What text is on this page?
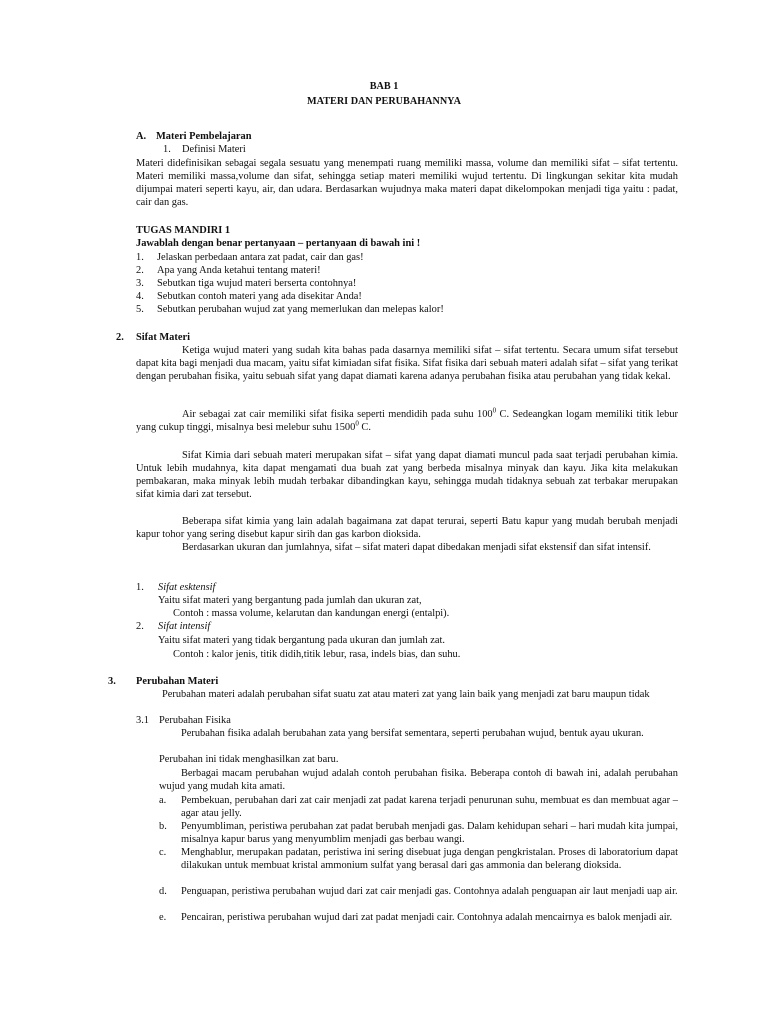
BAB 1
MATERI DAN PERUBAHANNYA
A. Materi Pembelajaran
1. Definisi Materi
Materi didefinisikan sebagai segala sesuatu yang menempati ruang memiliki massa, volume dan memiliki sifat – sifat tertentu. Materi memiliki massa,volume dan sifat, sehingga setiap materi memiliki wujud tertentu. Di lingkungan sekitar kita mudah dijumpai materi seperti kayu, air, dan udara. Berdasarkan wujudnya maka materi dapat dikelompokan menjadi tiga yaitu : padat, cair dan gas.
TUGAS MANDIRI 1
Jawablah dengan benar pertanyaan – pertanyaan di bawah ini !
1. Jelaskan perbedaan antara zat padat, cair dan gas!
2. Apa yang Anda ketahui tentang materi!
3. Sebutkan tiga wujud materi berserta contohnya!
4. Sebutkan contoh materi yang ada disekitar Anda!
5. Sebutkan perubahan wujud zat yang memerlukan dan melepas kalor!
2. Sifat Materi
Ketiga wujud materi yang sudah kita bahas pada dasarnya memiliki sifat – sifat tertentu. Secara umum sifat tersebut dapat kita bagi menjadi dua macam, yaitu sifat kimiadan sifat fisika. Sifat fisika dari sebuah materi adalah sifat – sifat yang terikat dengan perubahan fisika, yaitu sebuah sifat yang dapat diamati karena adanya perubahan fisika atau perubahan yang tidak kekal.
Air sebagai zat cair memiliki sifat fisika seperti mendidih pada suhu $100^0$ C. Sedeangkan logam memiliki titik lebur yang cukup tinggi, misalnya besi melebur suhu 1500$^0$ C.
Sifat Kimia dari sebuah materi merupakan sifat – sifat yang dapat diamati muncul pada saat terjadi perubahan kimia. Untuk lebih mudahnya, kita dapat mengamati dua buah zat yang berbeda misalnya minyak dan kayu. Jika kita melakukan pembakaran, maka minyak lebih mudah terbakar dibandingkan kayu, sehingga mudah tidaknya sebuah zat terbakar merupakan sifat kimia dari zat tersebut.
Beberapa sifat kimia yang lain adalah bagaimana zat dapat terurai, seperti Batu kapur yang mudah berubah menjadi kapur tohor yang sering disebut kapur sirih dan gas karbon dioksida.
Berdasarkan ukuran dan jumlahnya, sifat – sifat materi dapat dibedakan menjadi sifat ekstensif dan sifat intensif.
1. Sifat esktensif
Yaitu sifat materi yang bergantung pada jumlah dan ukuran zat,
Contoh : massa volume, kelarutan dan kandungan energi (entalpi).
2. Sifat intensif
Yaitu sifat materi yang tidak bergantung pada ukuran dan jumlah zat.
Contoh : kalor jenis, titik didih,titik lebur, rasa, indels bias, dan suhu.
3. Perubahan Materi
Perubahan materi adalah perubahan sifat suatu zat atau materi zat yang lain baik yang menjadi zat baru maupun tidak
3.1 Perubahan Fisika
Perubahan fisika adalah berubahan zata yang bersifat sementara, seperti perubahan wujud, bentuk ayau ukuran.
Perubahan ini tidak menghasilkan zat baru.
Berbagai macam perubahan wujud adalah contoh perubahan fisika. Beberapa contoh di bawah ini, adalah perubahan wujud yang mudah kita amati.
a. Pembekuan, perubahan dari zat cair menjadi zat padat karena terjadi penurunan suhu, membuat es dan membuat agar – agar atau jelly.
b. Penyumbliman, peristiwa perubahan zat padat berubah menjadi gas. Dalam kehidupan sehari – hari mudah kita jumpai, misalnya kapur barus yang menyumblim menjadi gas berbau wangi.
c. Menghablur, merupakan padatan, peristiwa ini sering disebuat juga dengan pengkristalan. Proses di laboratorium dapat dilakukan untuk membuat kristal ammonium sulfat yang berasal dari gas ammonia dan belerang dioksida.
d. Penguapan, peristiwa perubahan wujud dari zat cair menjadi gas. Contohnya adalah penguapan air laut menjadi uap air.
e. Pencairan, peristiwa perubahan wujud dari zat padat menjadi cair. Contohnya adalah mencairnya es balok menjadi air.
